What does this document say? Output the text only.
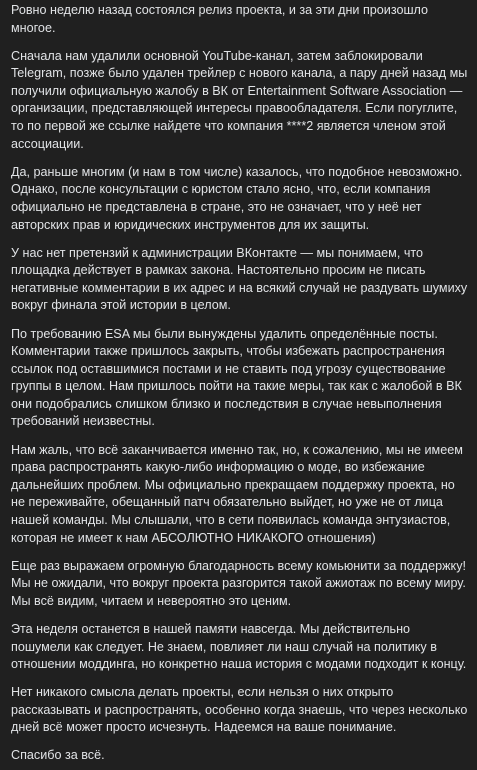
Ровно неделю назад состоялся релиз проекта, и за эти дни произошло многое.

Сначала нам удалили основной YouTube-канал, затем заблокировали Telegram, позже было удален трейлер с нового канала, а пару дней назад мы получили официальную жалобу в ВК от Entertainment Software Association — организации, представляющей интересы правообладателя. Если погуглите, то по первой же ссылке найдете что компания ****2 является членом этой ассоциации.

Да, раньше многим (и нам в том числе) казалось, что подобное невозможно. Однако, после консультации с юристом стало ясно, что, если компания официально не представлена в стране, это не означает, что у неё нет авторских прав и юридических инструментов для их защиты.

У нас нет претензий к администрации ВКонтакте — мы понимаем, что площадка действует в рамках закона. Настоятельно просим не писать негативные комментарии в их адрес и на всякий случай не раздувать шумиху вокруг финала этой истории в целом.

По требованию ESA мы были вынуждены удалить определённые посты. Комментарии также пришлось закрыть, чтобы избежать распространения ссылок под оставшимися постами и не ставить под угрозу существование группы в целом. Нам пришлось пойти на такие меры, так как с жалобой в ВК они подобрались слишком близко и последствия в случае невыполнения требований неизвестны.

Нам жаль, что всё заканчивается именно так, но, к сожалению, мы не имеем права распространять какую-либо информацию о моде, во избежание дальнейших проблем. Мы официально прекращаем поддержку проекта, но не переживайте, обещанный патч обязательно выйдет, но уже не от лица нашей команды. Мы слышали, что в сети появилась команда энтузиастов, которая не имеет к нам АБСОЛЮТНО НИКАКОГО отношения)

Еще раз выражаем огромную благодарность всему комьюнити за поддержку! Мы не ожидали, что вокруг проекта разгорится такой ажиотаж по всему миру. Мы всё видим, читаем и невероятно это ценим.

Эта неделя останется в нашей памяти навсегда. Мы действительно пошумели как следует. Не знаем, повлияет ли наш случай на политику в отношении моддинга, но конкретно наша история с модами подходит к концу.

Нет никакого смысла делать проекты, если нельзя о них открыто рассказывать и распространять, особенно когда знаешь, что через несколько дней всё может просто исчезнуть. Надеемся на ваше понимание.

Спасибо за всё.
